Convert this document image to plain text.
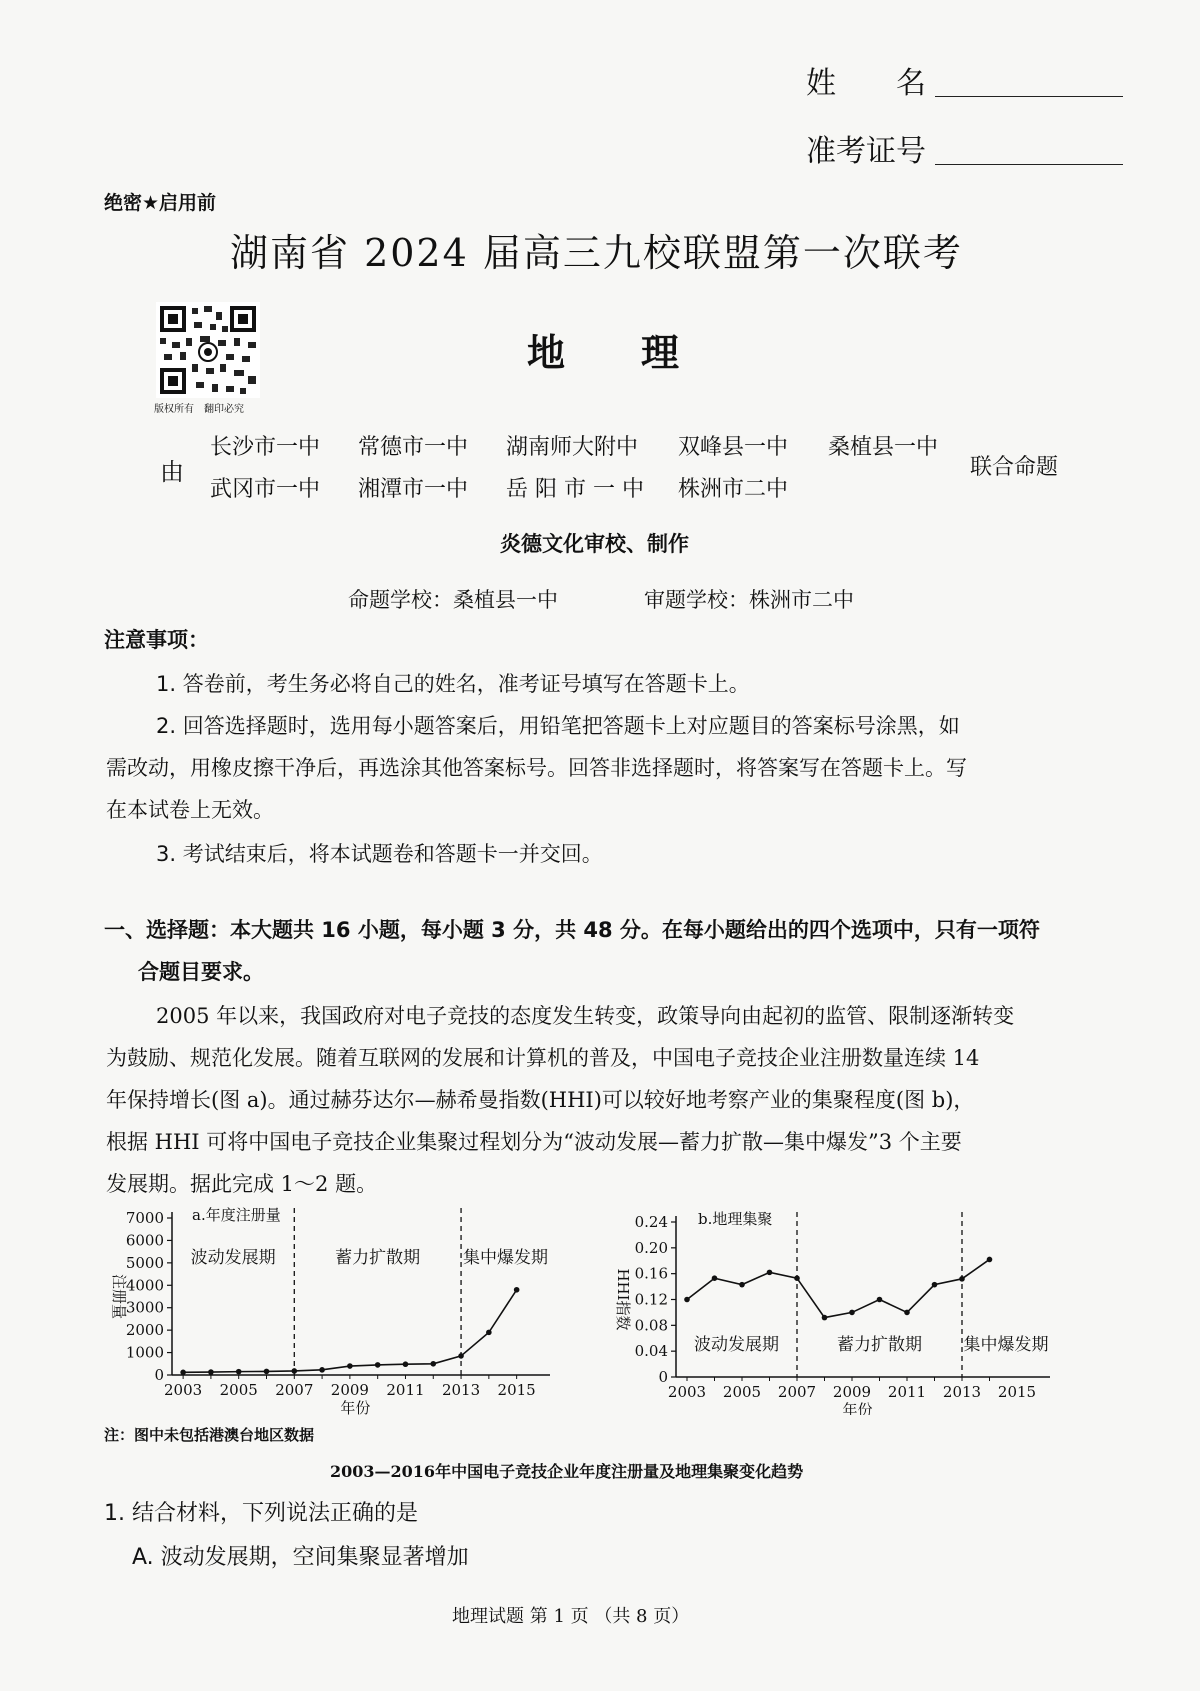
姓　　名
准考证号
绝密★启用前
湖南省 2024 届高三九校联盟第一次联考
版权所有　翻印必究
地　　理
由
长沙市一中 常德市一中 湖南师大附中 双峰县一中 桑植县一中
武冈市一中 湘潭市一中 岳 阳 市 一 中 株洲市二中
联合命题
炎德文化审校、制作
命题学校：桑植县一中	审题学校：株洲市二中
注意事项：
1. 答卷前，考生务必将自己的姓名，准考证号填写在答题卡上。
2. 回答选择题时，选用每小题答案后，用铅笔把答题卡上对应题目的答案标号涂黑，如
需改动，用橡皮擦干净后，再选涂其他答案标号。回答非选择题时，将答案写在答题卡上。写
在本试卷上无效。
3. 考试结束后，将本试题卷和答题卡一并交回。
一、选择题：本大题共 16 小题，每小题 3 分，共 48 分。在每小题给出的四个选项中，只有一项符
合题目要求。
2005 年以来，我国政府对电子竞技的态度发生转变，政策导向由起初的监管、限制逐渐转变
为鼓励、规范化发展。随着互联网的发展和计算机的普及，中国电子竞技企业注册数量连续 14
年保持增长(图 a)。通过赫芬达尔—赫希曼指数(HHI)可以较好地考察产业的集聚程度(图 b)，
根据 HHI 可将中国电子竞技企业集聚过程划分为“波动发展—蓄力扩散—集中爆发”3 个主要
发展期。据此完成 1～2 题。
0
1000
2000
3000
4000
5000
6000
7000
2003 2005 2007 2009 2011 2013 2015
注册量
年份
a.年度注册量
波动发展期	蓄力扩散期	集中爆发期
0
0.04
0.08
0.12
0.16
0.20
0.24
2003 2005 2007 2009 2011 2013 2015
HHI指数
年份
b.地理集聚
波动发展期	蓄力扩散期 集中爆发期
注：图中未包括港澳台地区数据
2003—2016年中国电子竞技企业年度注册量及地理集聚变化趋势
1. 结合材料，下列说法正确的是
A. 波动发展期，空间集聚显著增加
地理试题 第 1 页 （共 8 页）
